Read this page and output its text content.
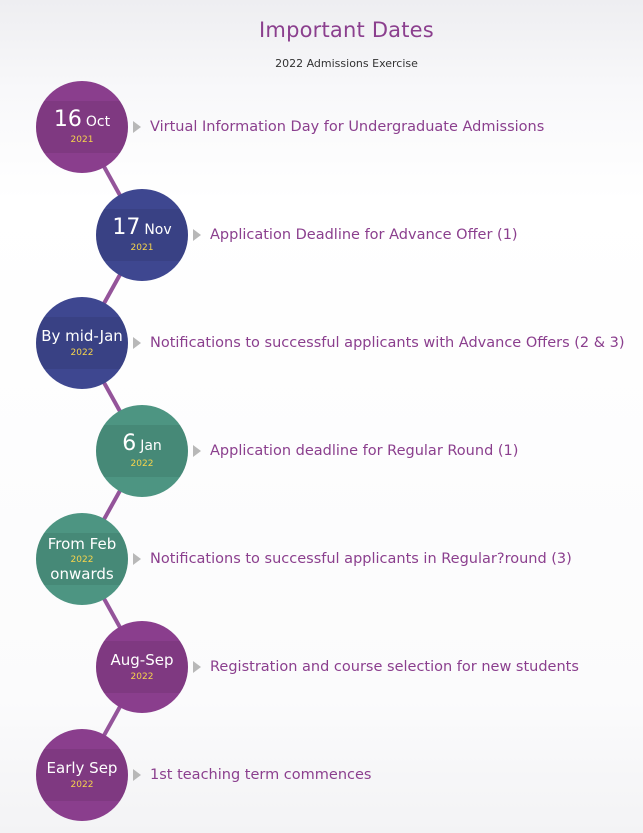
Important Dates

2022 Admissions Exercise

16 Oct
2021
Virtual Information Day for Undergraduate Admissions
17 Nov
2021
Application Deadline for Advance Offer (1)
By mid-Jan
2022
Notifications to successful applicants with Advance Offers (2 & 3)
6 Jan
2022
Application deadline for Regular Round (1)
From Feb
2022
onwards
Notifications to successful applicants in Regular?round (3)
Aug-Sep
2022
Registration and course selection for new students
Early Sep
2022
1st teaching term commences
